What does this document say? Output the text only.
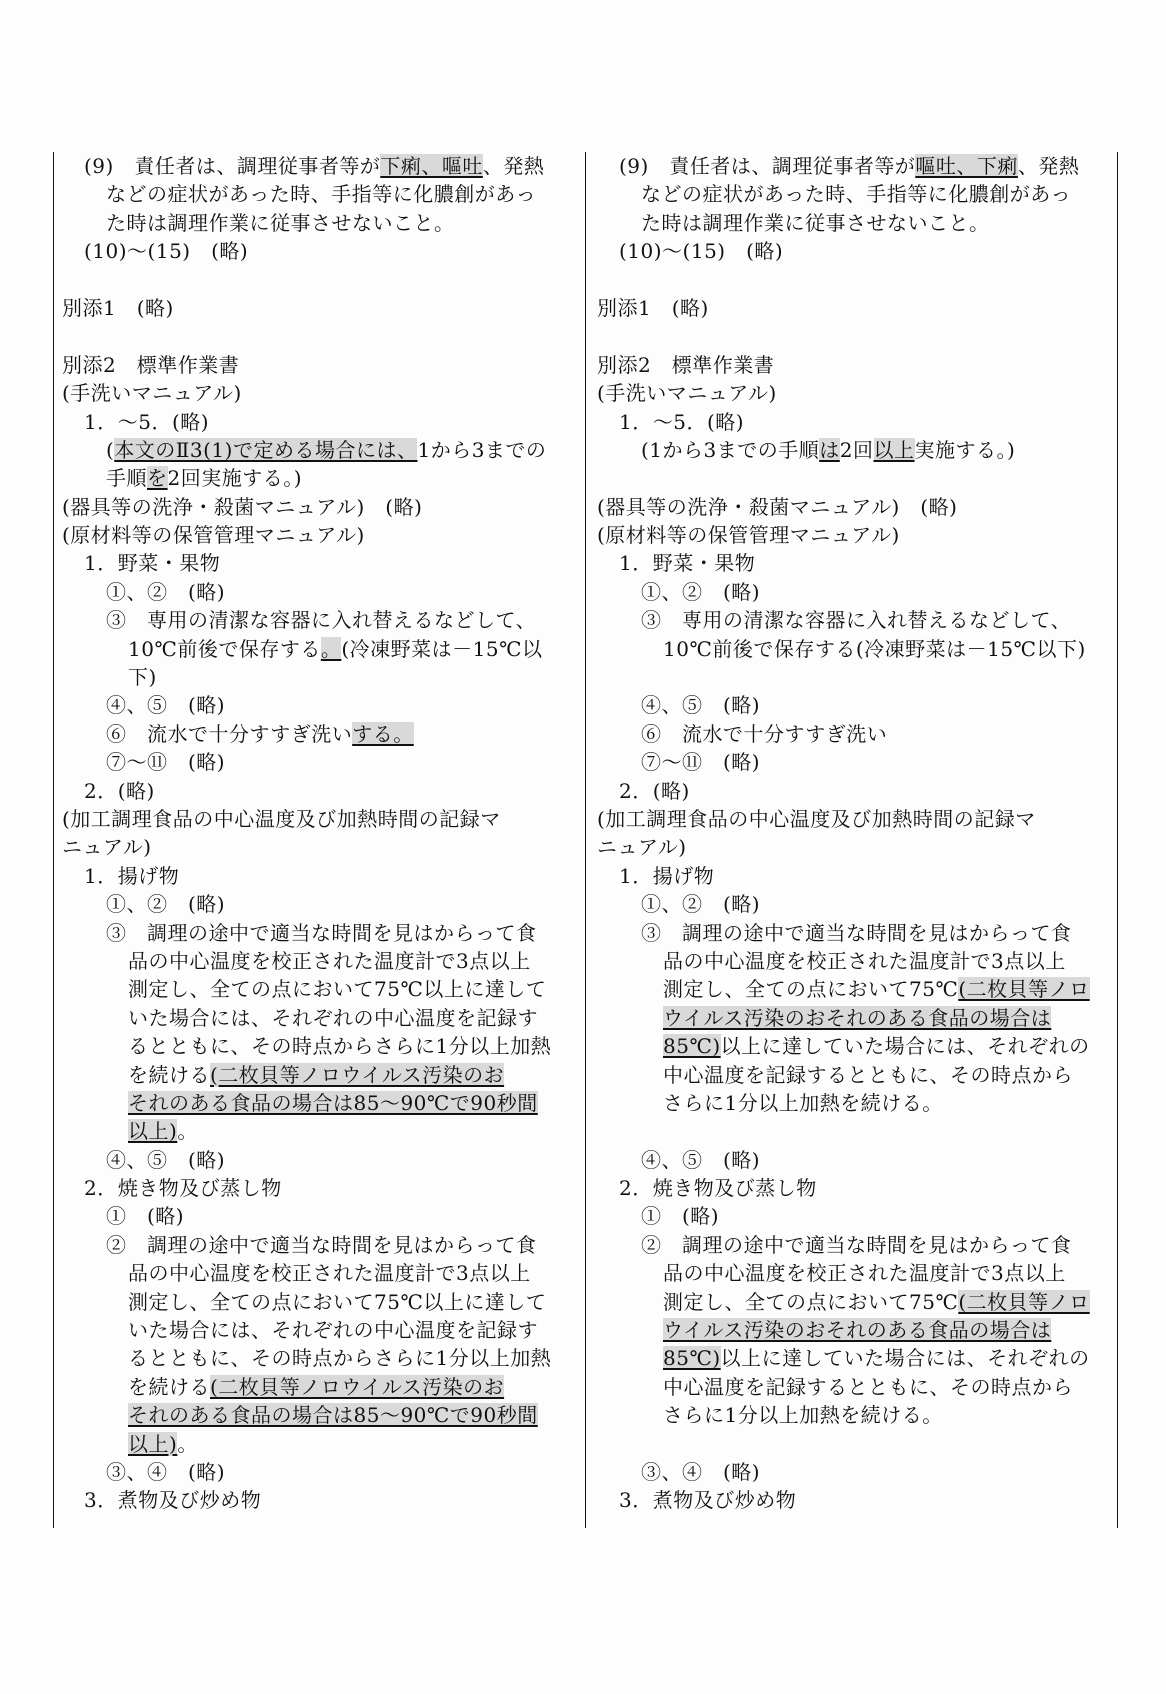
(9)　責任者は、調理従事者等が下痢、嘔吐、発熱
などの症状があった時、手指等に化膿創があっ
た時は調理作業に従事させないこと。
(10)～(15)　(略)
別添1　(略)
別添2　標準作業書
(手洗いマニュアル)
1．～5．(略)
(本文のⅡ3(1)で定める場合には、1から3までの
手順を2回実施する。)
(器具等の洗浄・殺菌マニュアル)　(略)
(原材料等の保管管理マニュアル)
1．野菜・果物
①、②　(略)
③　専用の清潔な容器に入れ替えるなどして、
10℃前後で保存する。(冷凍野菜は－15℃以
下)
④、⑤　(略)
⑥　流水で十分すすぎ洗いする。
⑦～⑪　(略)
2．(略)
(加工調理食品の中心温度及び加熱時間の記録マ
ニュアル)
1．揚げ物
①、②　(略)
③　調理の途中で適当な時間を見はからって食
品の中心温度を校正された温度計で3点以上
測定し、全ての点において75℃以上に達して
いた場合には、それぞれの中心温度を記録す
るとともに、その時点からさらに1分以上加熱
を続ける(二枚貝等ノロウイルス汚染のお
それのある食品の場合は85～90℃で90秒間
以上)。
④、⑤　(略)
2．焼き物及び蒸し物
①　(略)
②　調理の途中で適当な時間を見はからって食
品の中心温度を校正された温度計で3点以上
測定し、全ての点において75℃以上に達して
いた場合には、それぞれの中心温度を記録す
るとともに、その時点からさらに1分以上加熱
を続ける(二枚貝等ノロウイルス汚染のお
それのある食品の場合は85～90℃で90秒間
以上)。
③、④　(略)
3．煮物及び炒め物
(9)　責任者は、調理従事者等が嘔吐、下痢、発熱
などの症状があった時、手指等に化膿創があっ
た時は調理作業に従事させないこと。
(10)～(15)　(略)
別添1　(略)
別添2　標準作業書
(手洗いマニュアル)
1．～5．(略)
(1から3までの手順は2回以上実施する。)
(器具等の洗浄・殺菌マニュアル)　(略)
(原材料等の保管管理マニュアル)
1．野菜・果物
①、②　(略)
③　専用の清潔な容器に入れ替えるなどして、
10℃前後で保存する(冷凍野菜は－15℃以下)
④、⑤　(略)
⑥　流水で十分すすぎ洗い
⑦～⑪　(略)
2．(略)
(加工調理食品の中心温度及び加熱時間の記録マ
ニュアル)
1．揚げ物
①、②　(略)
③　調理の途中で適当な時間を見はからって食
品の中心温度を校正された温度計で3点以上
測定し、全ての点において75℃(二枚貝等ノロ
ウイルス汚染のおそれのある食品の場合は
85℃)以上に達していた場合には、それぞれの
中心温度を記録するとともに、その時点から
さらに1分以上加熱を続ける。
④、⑤　(略)
2．焼き物及び蒸し物
①　(略)
②　調理の途中で適当な時間を見はからって食
品の中心温度を校正された温度計で3点以上
測定し、全ての点において75℃(二枚貝等ノロ
ウイルス汚染のおそれのある食品の場合は
85℃)以上に達していた場合には、それぞれの
中心温度を記録するとともに、その時点から
さらに1分以上加熱を続ける。
③、④　(略)
3．煮物及び炒め物
